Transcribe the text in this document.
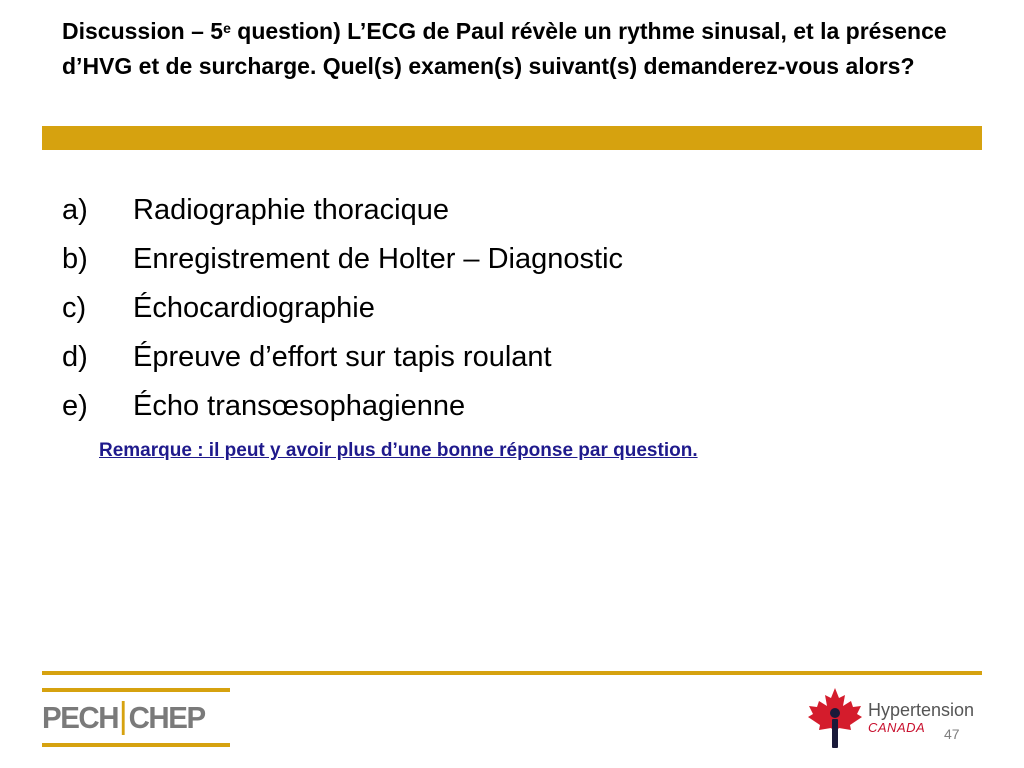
Discussion – 5e question) L’ECG de Paul révèle un rythme sinusal, et la présence d’HVG et de surcharge. Quel(s) examen(s) suivant(s) demanderez-vous alors?
a)	Radiographie thoracique
b)	Enregistrement de Holter – Diagnostic
c)	Échocardiographie
d)	Épreuve d’effort sur tapis roulant
e)	Écho transœsophagienne

Remarque : il peut y avoir plus d’une bonne réponse par question.

PECH CHEP	Hypertension
CANADA 47
